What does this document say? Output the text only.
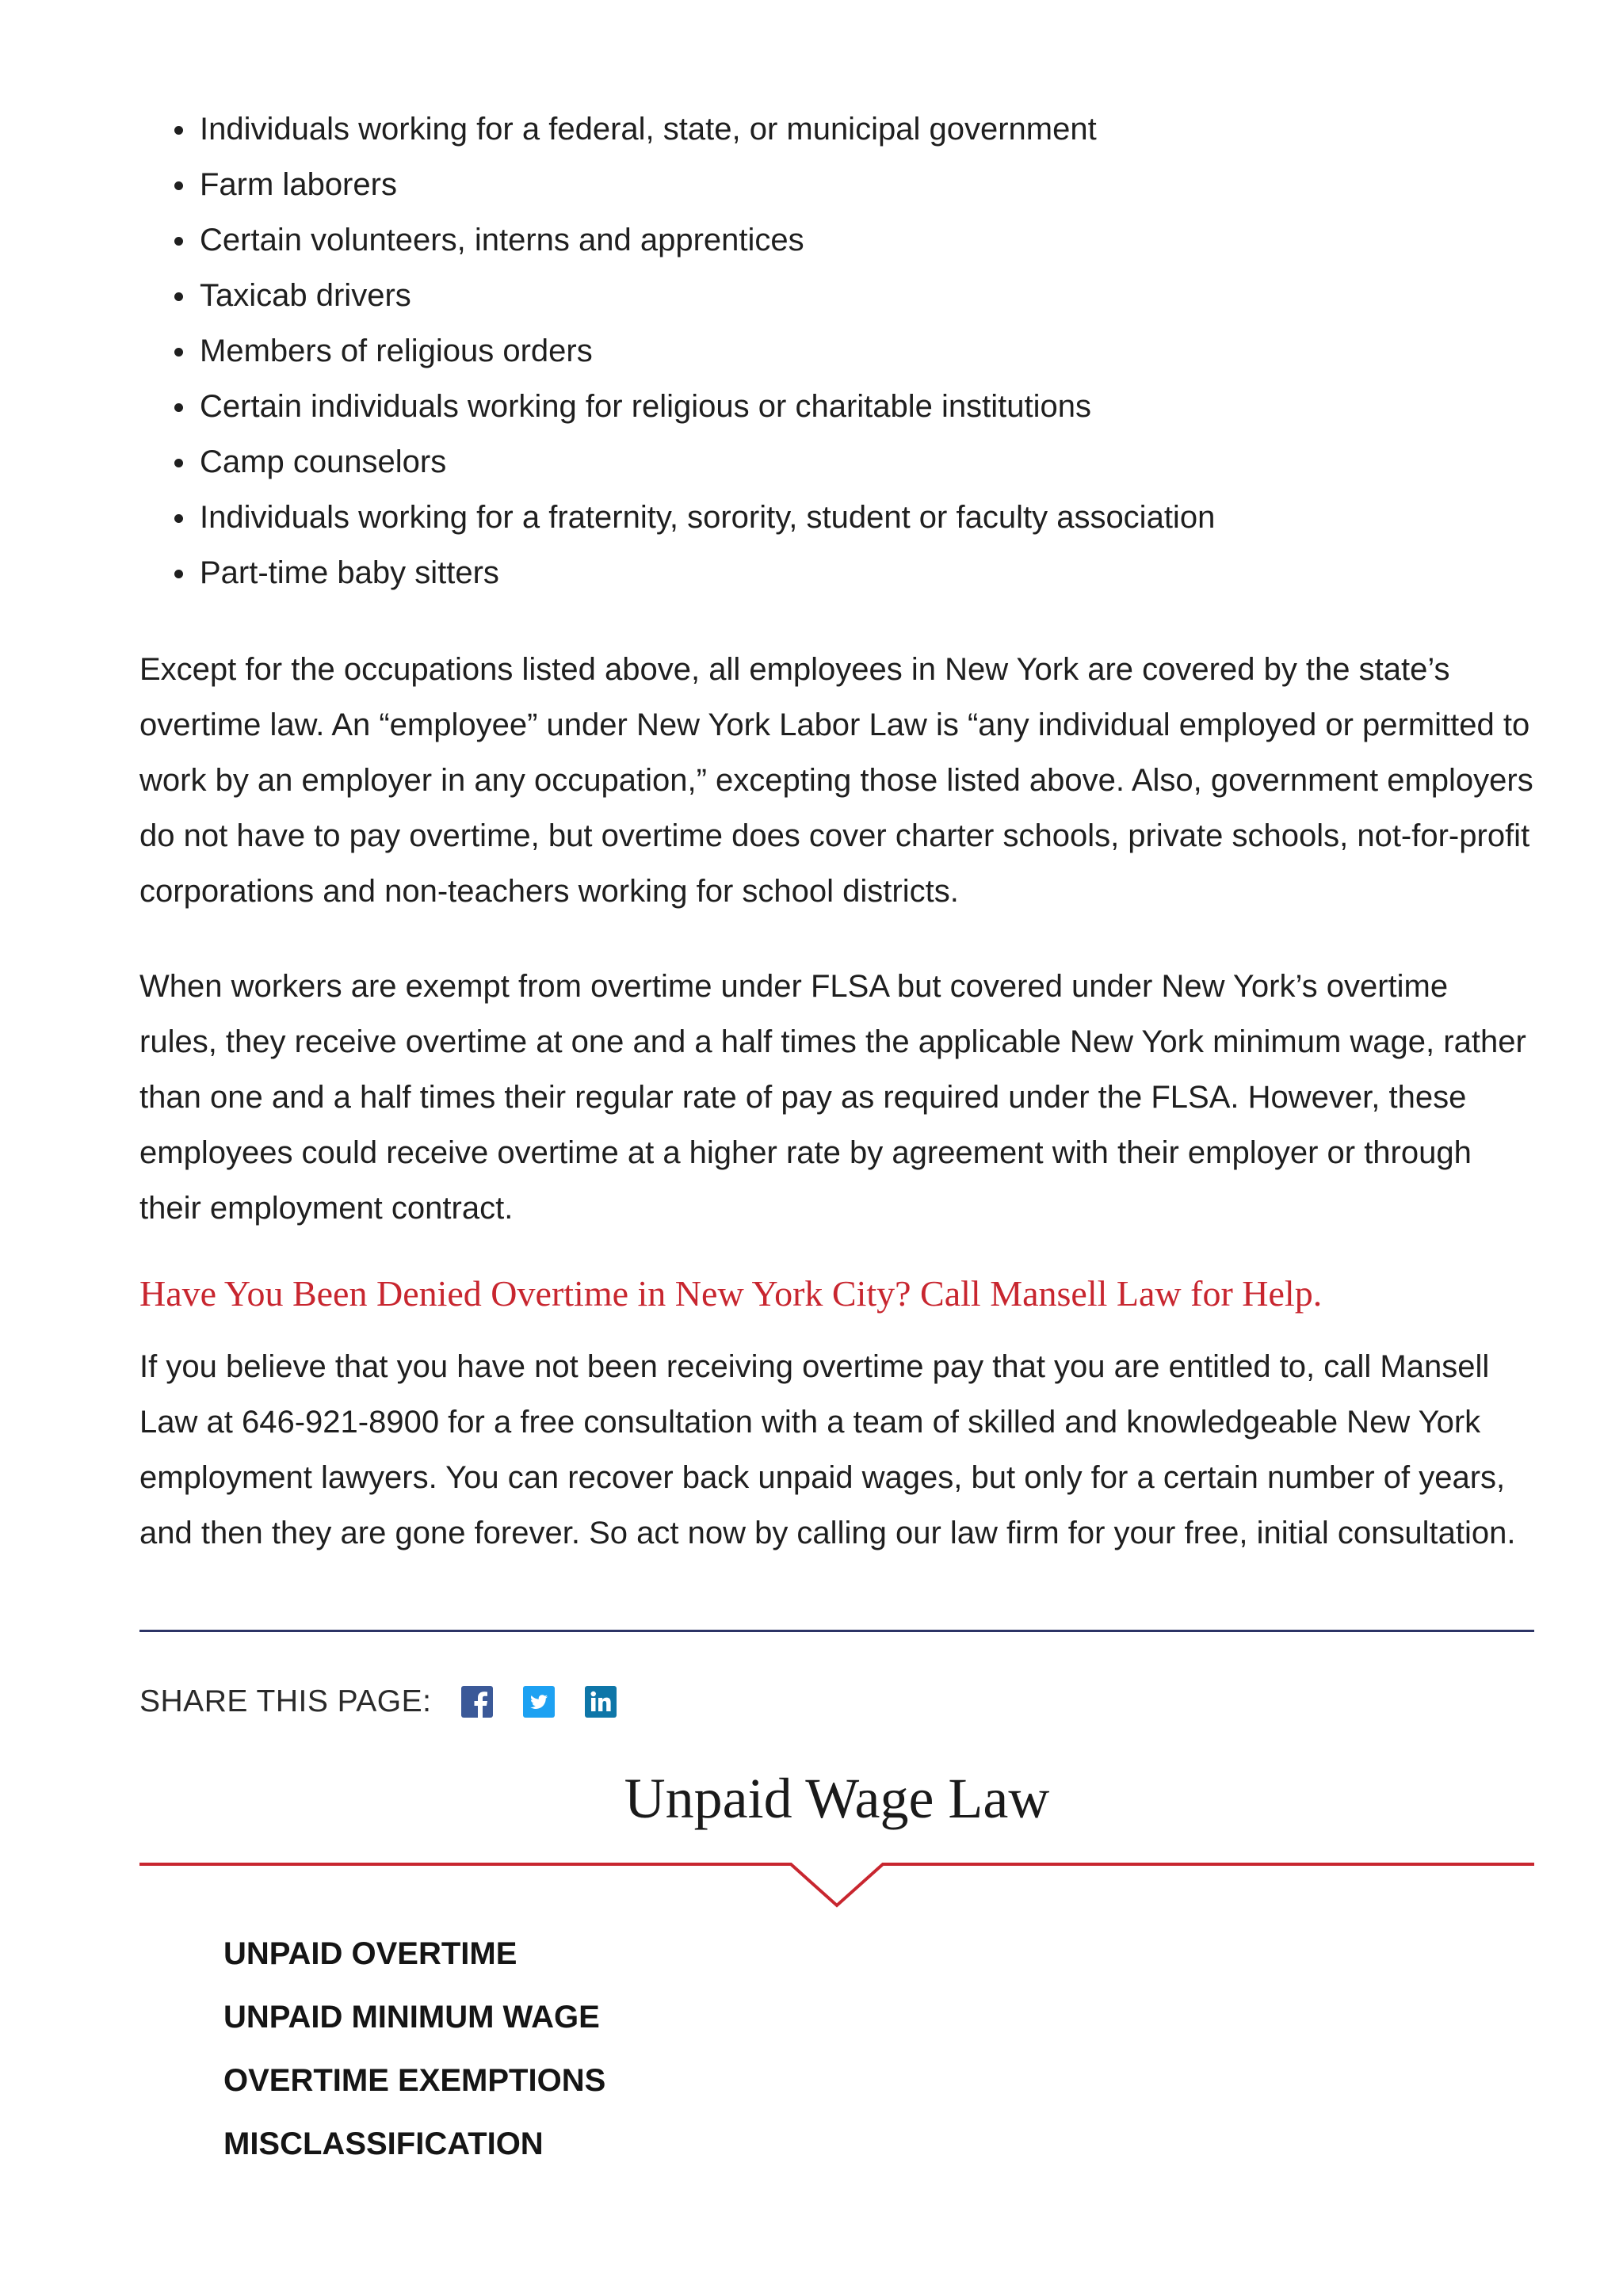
Individuals working for a federal, state, or municipal government
Farm laborers
Certain volunteers, interns and apprentices
Taxicab drivers
Members of religious orders
Certain individuals working for religious or charitable institutions
Camp counselors
Individuals working for a fraternity, sorority, student or faculty association
Part-time baby sitters

Except for the occupations listed above, all employees in New York are covered by the state’s overtime law. An “employee” under New York Labor Law is “any individual employed or permitted to work by an employer in any occupation,” excepting those listed above. Also, government employers do not have to pay overtime, but overtime does cover charter schools, private schools, not-for-profit corporations and non-teachers working for school districts.

When workers are exempt from overtime under FLSA but covered under New York’s overtime rules, they receive overtime at one and a half times the applicable New York minimum wage, rather than one and a half times their regular rate of pay as required under the FLSA. However, these employees could receive overtime at a higher rate by agreement with their employer or through their employment contract.

Have You Been Denied Overtime in New York City? Call Mansell Law for Help.

If you believe that you have not been receiving overtime pay that you are entitled to, call Mansell Law at 646-921-8900 for a free consultation with a team of skilled and knowledgeable New York employment lawyers. You can recover back unpaid wages, but only for a certain number of years, and then they are gone forever. So act now by calling our law firm for your free, initial consultation.

SHARE THIS PAGE:
Unpaid Wage Law
UNPAID OVERTIME
UNPAID MINIMUM WAGE
OVERTIME EXEMPTIONS
MISCLASSIFICATION
